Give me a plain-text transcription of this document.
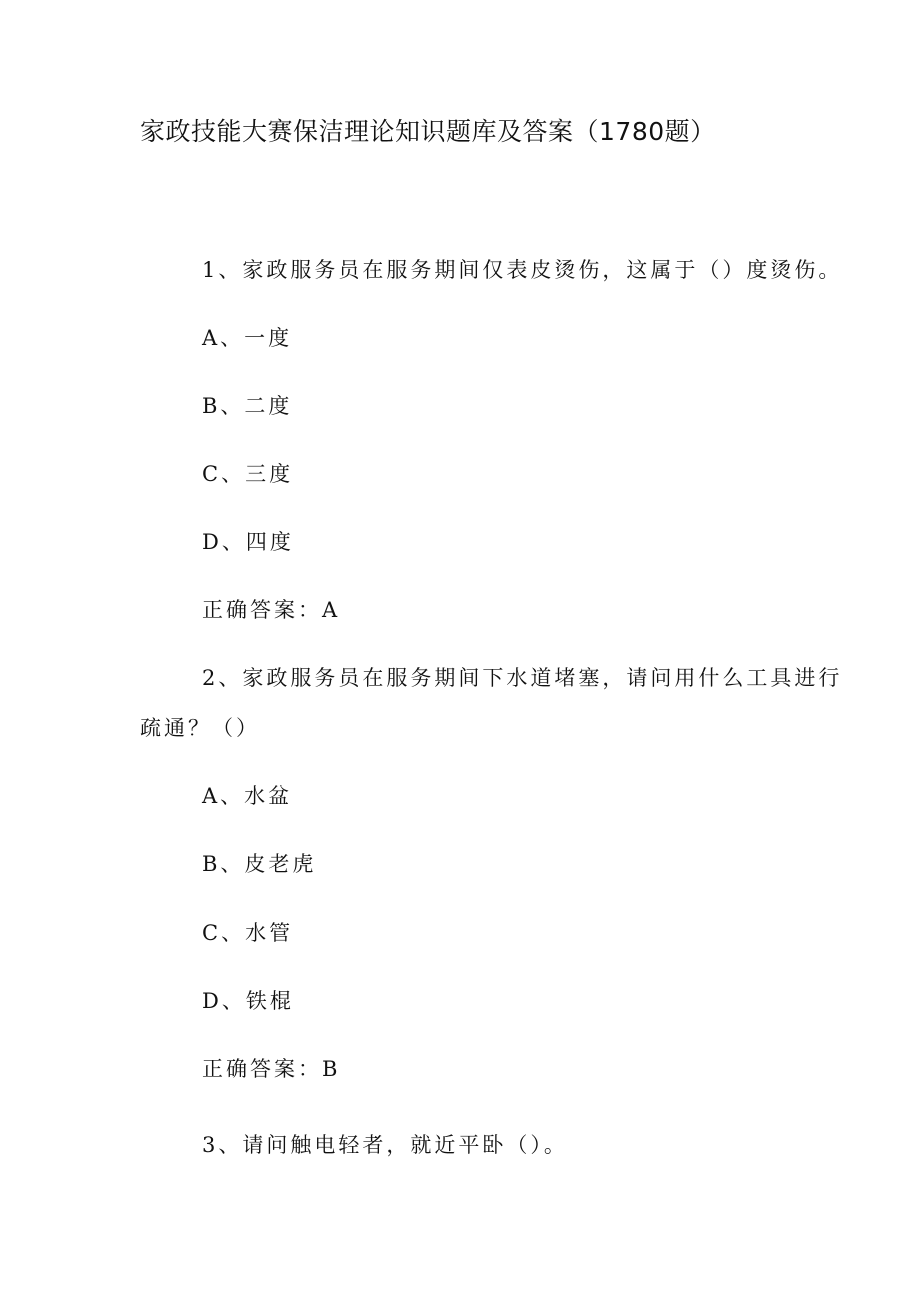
家政技能大赛保洁理论知识题库及答案（1780题）
1、家政服务员在服务期间仅表皮烫伤，这属于（）度烫伤。
A、一度
B、二度
C、三度
D、四度
正确答案：A
2、家政服务员在服务期间下水道堵塞，请问用什么工具进行
疏通？（）
A、水盆
B、皮老虎
C、水管
D、铁棍
正确答案：B
3、请问触电轻者，就近平卧（）。
